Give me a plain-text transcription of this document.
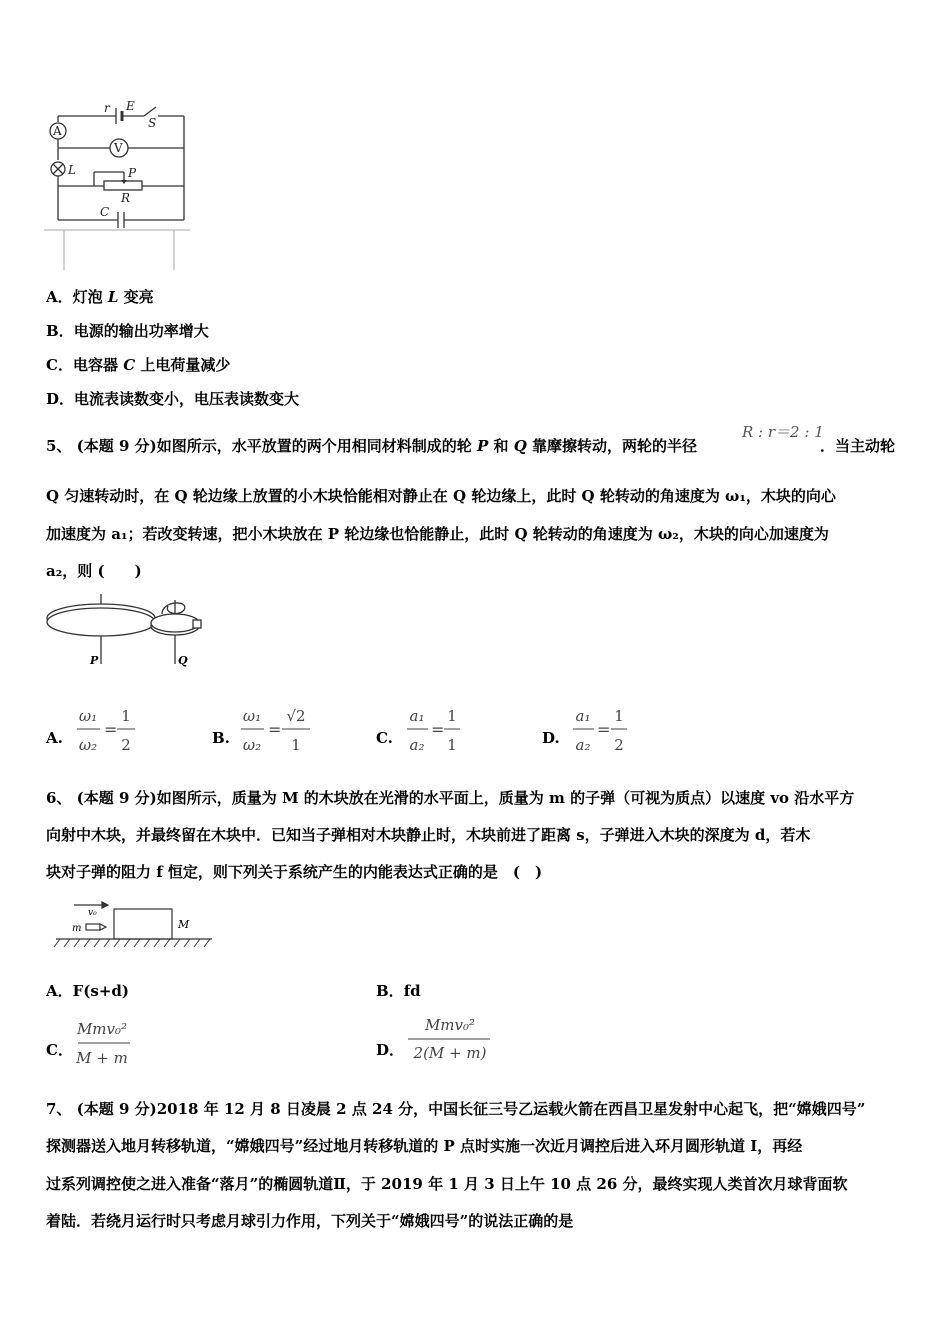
r E
S
A
V
L	P
R
C
A．灯泡 L 变亮
B．电源的输出功率增大
C．电容器 C 上电荷量减少
D．电流表读数变小，电压表读数变大
5、 (本题 9 分)如图所示，水平放置的两个用相同材料制成的轮 P 和 Q 靠摩擦转动，两轮的半径
R : r＝2 : 1
．当主动轮
Q 匀速转动时，在 Q 轮边缘上放置的小木块恰能相对静止在 Q 轮边缘上，此时 Q 轮转动的角速度为 ω₁，木块的向心
加速度为 a₁；若改变转速，把小木块放在 P 轮边缘也恰能静止，此时 Q 轮转动的角速度为 ω₂，木块的向心加速度为
a₂，则 (　　)
P	Q
A.
ω₁
ω₂
1
2
=	B.
ω₁
ω₂
√2
1
=	C.
a₁
a₂
1
1
=	D.
a₁
a₂
1
2
=
6、 (本题 9 分)如图所示，质量为 M 的木块放在光滑的水平面上，质量为 m 的子弹（可视为质点）以速度 vo 沿水平方
向射中木块，并最终留在木块中．已知当子弹相对木块静止时，木块前进了距离 s，子弹进入木块的深度为 d，若木
块对子弹的阻力 f 恒定，则下列关于系统产生的内能表达式正确的是　(　)
v₀
m	M
A．F(s+d)	B．fd
C．
Mmv₀²
M + m	D．
Mmv₀²
2(M + m)
7、 (本题 9 分)2018 年 12 月 8 日凌晨 2 点 24 分，中国长征三号乙运载火箭在西昌卫星发射中心起飞，把“嫦娥四号”
探测器送入地月转移轨道，“嫦娥四号”经过地月转移轨道的 P 点时实施一次近月调控后进入环月圆形轨道 I，再经
过系列调控使之进入准备“落月”的椭圆轨道Ⅱ，于 2019 年 1 月 3 日上午 10 点 26 分，最终实现人类首次月球背面软
着陆．若绕月运行时只考虑月球引力作用，下列关于“嫦娥四号”的说法正确的是
